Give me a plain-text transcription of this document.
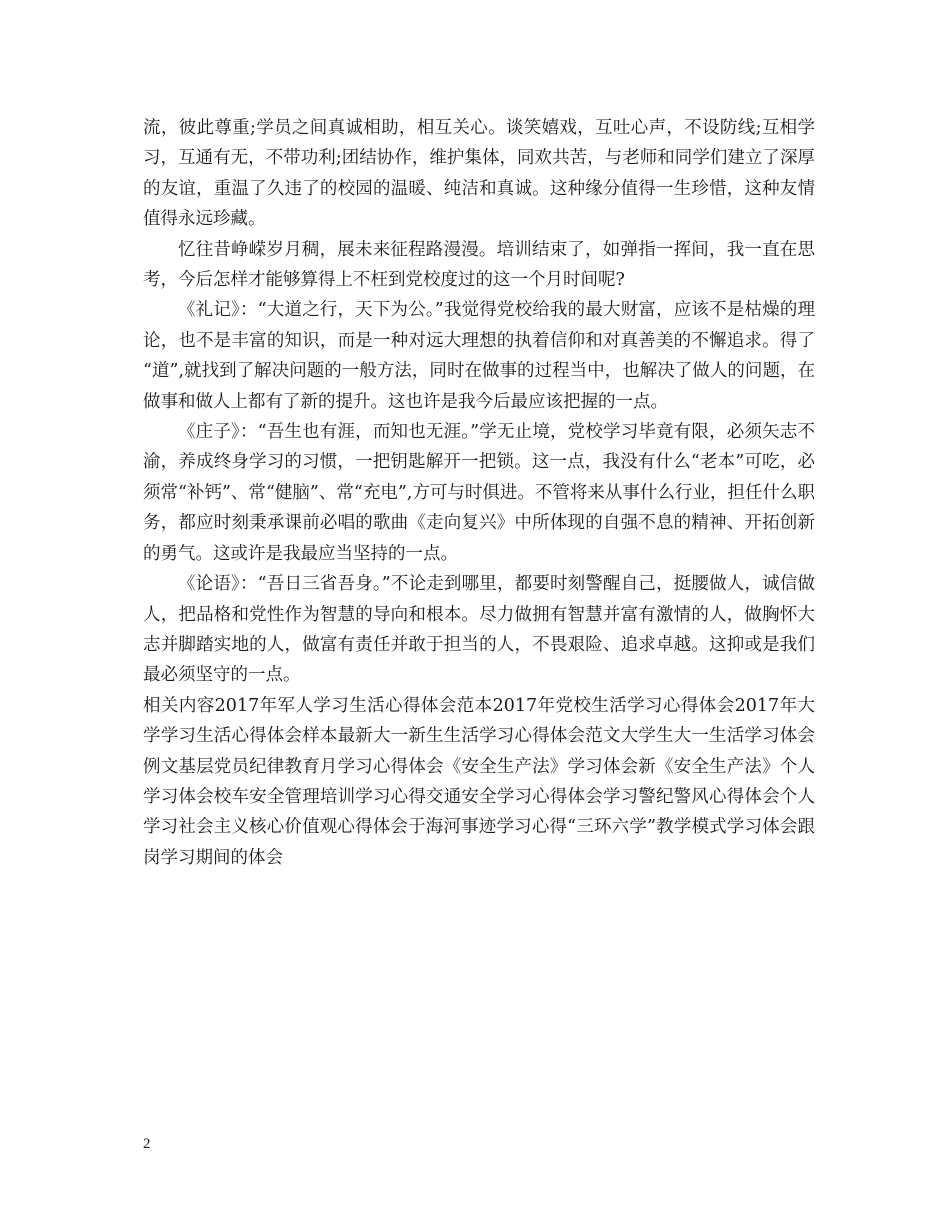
流，彼此尊重;学员之间真诚相助，相互关心。谈笑嬉戏，互吐心声，不设防线;互相学习，互通有无，不带功利;团结协作，维护集体，同欢共苦，与老师和同学们建立了深厚的友谊，重温了久违了的校园的温暖、纯洁和真诚。这种缘分值得一生珍惜，这种友情值得永远珍藏。

忆往昔峥嵘岁月稠，展未来征程路漫漫。培训结束了，如弹指一挥间，我一直在思考，今后怎样才能够算得上不枉到党校度过的这一个月时间呢?

《礼记》：“大道之行，天下为公。”我觉得党校给我的最大财富，应该不是枯燥的理论，也不是丰富的知识，而是一种对远大理想的执着信仰和对真善美的不懈追求。得了“道”,就找到了解决问题的一般方法，同时在做事的过程当中，也解决了做人的问题，在做事和做人上都有了新的提升。这也许是我今后最应该把握的一点。

《庄子》：“吾生也有涯，而知也无涯。”学无止境，党校学习毕竟有限，必须矢志不渝，养成终身学习的习惯，一把钥匙解开一把锁。这一点，我没有什么“老本”可吃，必须常“补钙”、常“健脑”、常“充电”,方可与时俱进。不管将来从事什么行业，担任什么职务，都应时刻秉承课前必唱的歌曲《走向复兴》中所体现的自强不息的精神、开拓创新的勇气。这或许是我最应当坚持的一点。

《论语》：“吾日三省吾身。”不论走到哪里，都要时刻警醒自己，挺腰做人，诚信做人，把品格和党性作为智慧的导向和根本。尽力做拥有智慧并富有激情的人，做胸怀大志并脚踏实地的人，做富有责任并敢于担当的人，不畏艰险、追求卓越。这抑或是我们最必须坚守的一点。

相关内容2017年军人学习生活心得体会范本2017年党校生活学习心得体会2017年大学学习生活心得体会样本最新大一新生生活学习心得体会范文大学生大一生活学习体会例文基层党员纪律教育月学习心得体会《安全生产法》学习体会新《安全生产法》个人学习体会校车安全管理培训学习心得交通安全学习心得体会学习警纪警风心得体会个人学习社会主义核心价值观心得体会于海河事迹学习心得“三环六学”教学模式学习体会跟岗学习期间的体会

2
